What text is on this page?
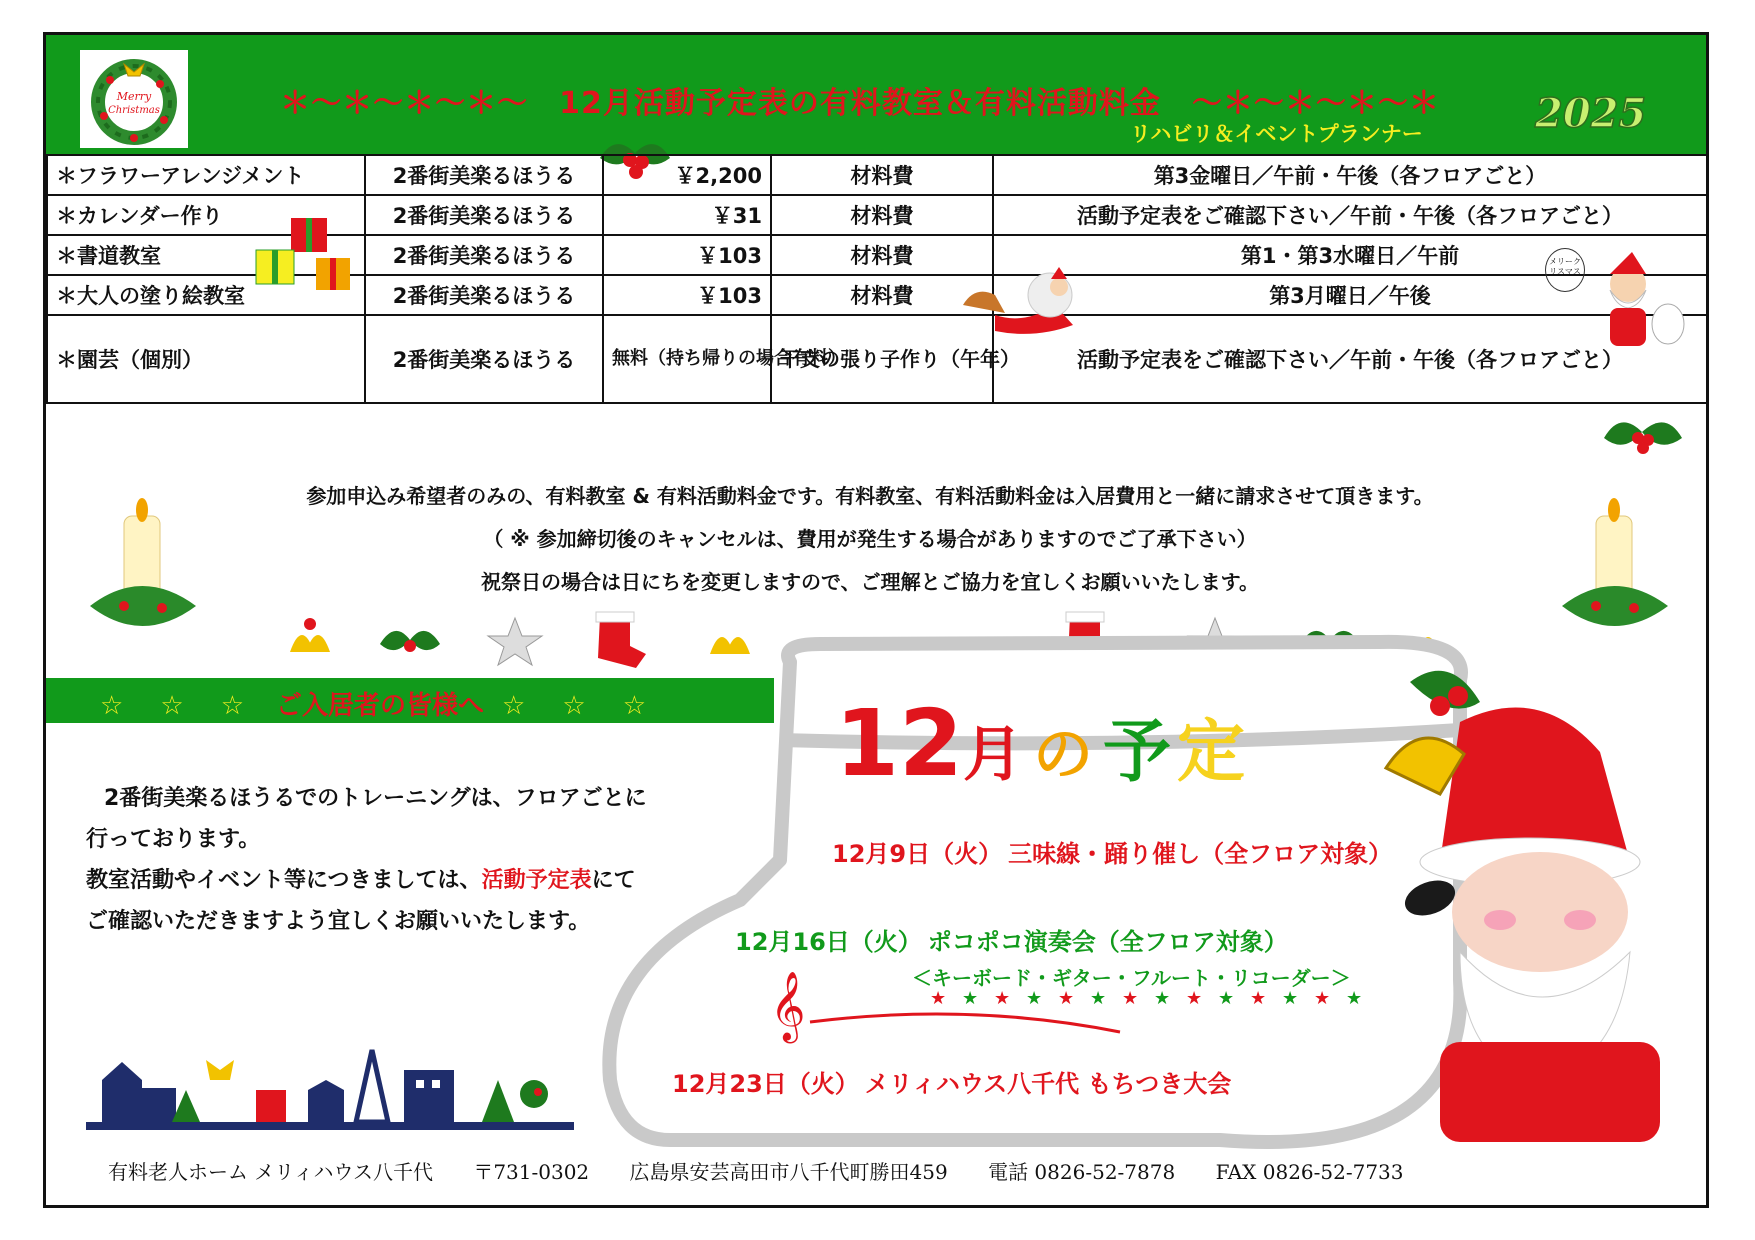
Merry
Christmas	＊～＊～＊～＊～　12月活動予定表の有料教室＆有料活動料金　～＊～＊～＊～＊
リハビリ＆イベントプランナー	2025
＊フラワーアレンジメント	2番街美楽るほうる	￥2,200	材料費	第3金曜日／午前・午後（各フロアごと）
＊カレンダー作り	2番街美楽るほうる	￥31	材料費	活動予定表をご確認下さい／午前・午後（各フロアごと）
＊書道教室	2番街美楽るほうる	￥103	材料費	第1・第3水曜日／午前
＊大人の塗り絵教室	2番街美楽るほうる	￥103	材料費	第3月曜日／午後
＊園芸（個別）	2番街美楽るほうる	無料（持ち帰りの場合有料）	干支の張り子作り（午年）	活動予定表をご確認下さい／午前・午後（各フロアごと）
メリークリスマス
参加申込み希望者のみの、有料教室 & 有料活動料金です。有料教室、有料活動料金は入居費用と一緒に請求させて頂きます。
（ ※ 参加締切後のキャンセルは、費用が発生する場合がありますのでご了承下さい）
祝祭日の場合は日にちを変更しますので、ご理解とご協力を宜しくお願いいたします。
12月 の 予定
12月9日（火） 三味線・踊り催し（全フロア対象）
12月16日（火） ポコポコ演奏会（全フロア対象）
＜キーボード・ギター・フルート・リコーダー＞
𝄞	★ ★ ★ ★ ★ ★ ★ ★ ★ ★ ★ ★ ★ ★
12月23日（火） メリィハウス八千代 もちつき大会
☆ ☆ ☆ ご入居者の皆様へ ☆ ☆ ☆
2番街美楽るほうるでのトレーニングは、フロアごとに
行っております。
教室活動やイベント等につきましては、活動予定表にて
ご確認いただきますよう宜しくお願いいたします。
有料老人ホーム メリィハウス八千代 〒731-0302 広島県安芸高田市八千代町勝田459 電話 0826-52-7878 FAX 0826-52-7733
